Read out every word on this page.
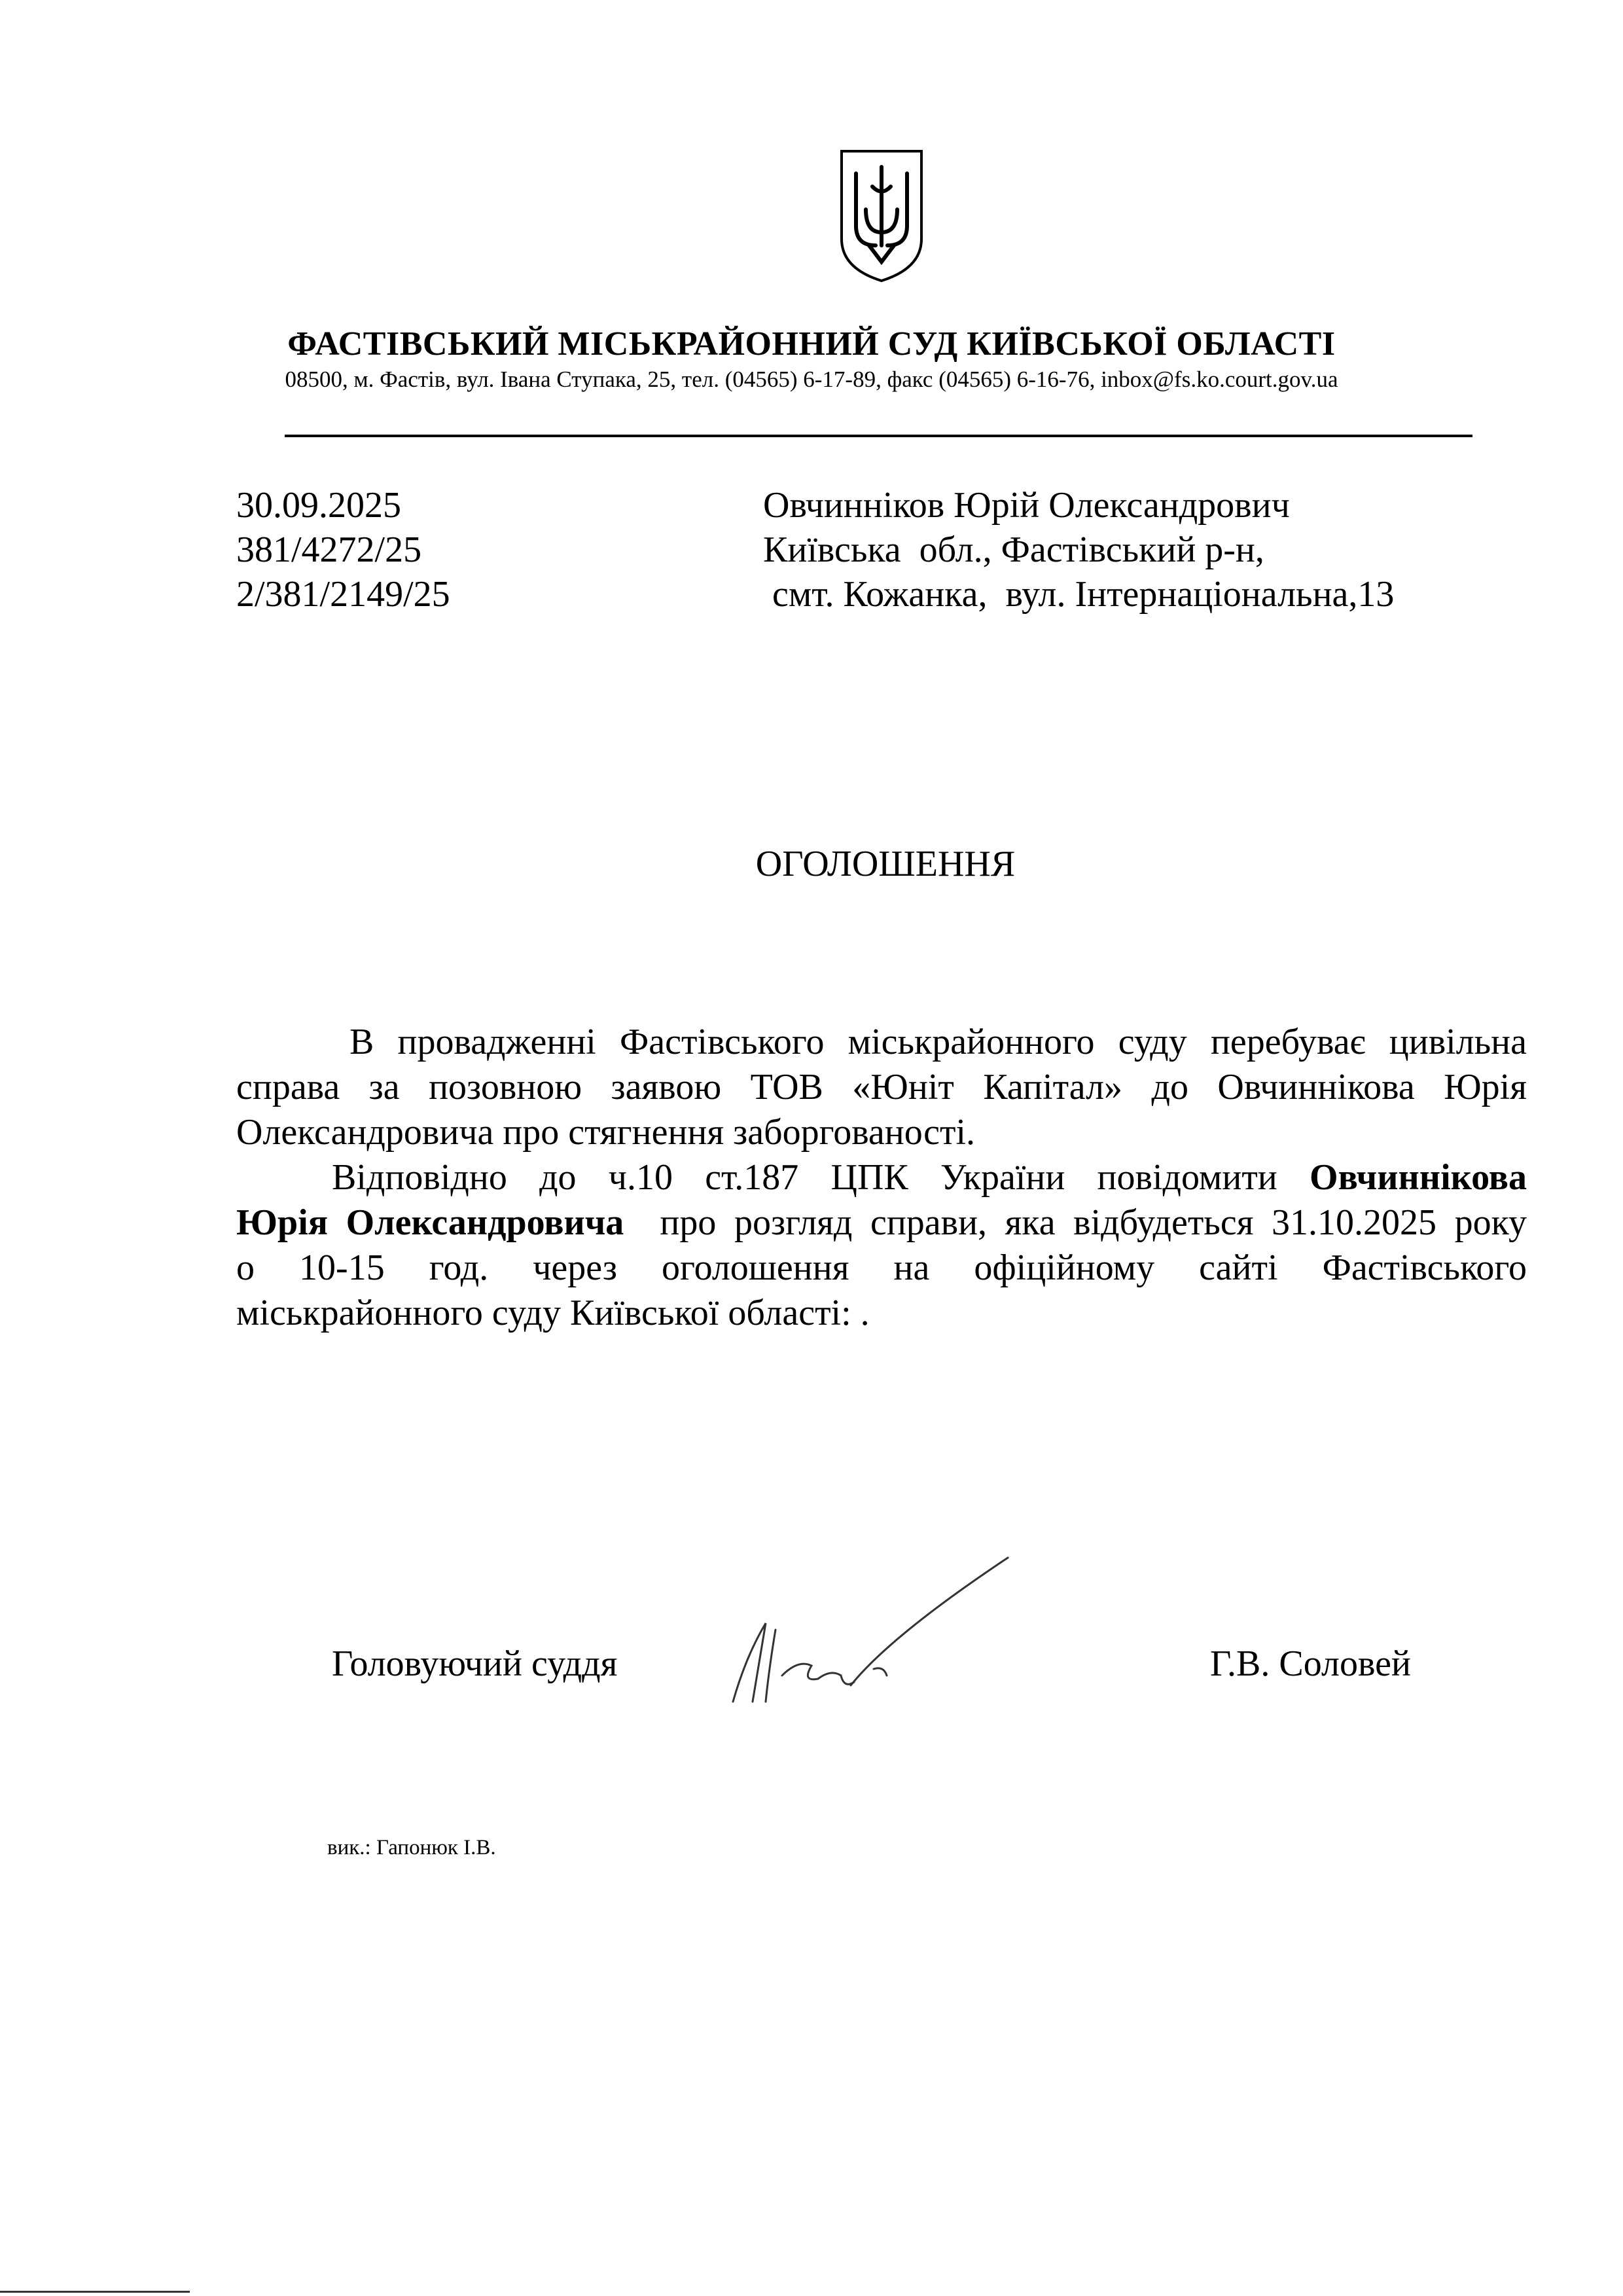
ФАСТІВСЬКИЙ МІСЬКРАЙОННИЙ СУД КИЇВСЬКОЇ ОБЛАСТІ
08500, м. Фастів, вул. Івана Ступака, 25, тел. (04565) 6-17-89, факс (04565) 6-16-76, inbox@fs.ko.court.gov.ua
30.09.2025
381/4272/25
2/381/2149/25
Овчинніков Юрій Олександрович
Київська  обл., Фастівський р-н,
смт. Кожанка,  вул. Інтернаціональна,13
ОГОЛОШЕННЯ
В провадженні Фастівського міськрайонного суду перебуває цивільна
справа за позовною заявою ТОВ «Юніт Капітал» до Овчиннікова Юрія
Олександровича про стягнення заборгованості.
Відповідно до ч.10 ст.187 ЦПК України повідомити Овчиннікова
Юрія Олександровича  про розгляд справи, яка відбудеться 31.10.2025 року
о 10-15 год. через оголошення на офіційному сайті Фастівського
міськрайонного суду Київської області: .
Головуючий суддя	Г.В. Соловей
вик.: Гапонюк І.В.
